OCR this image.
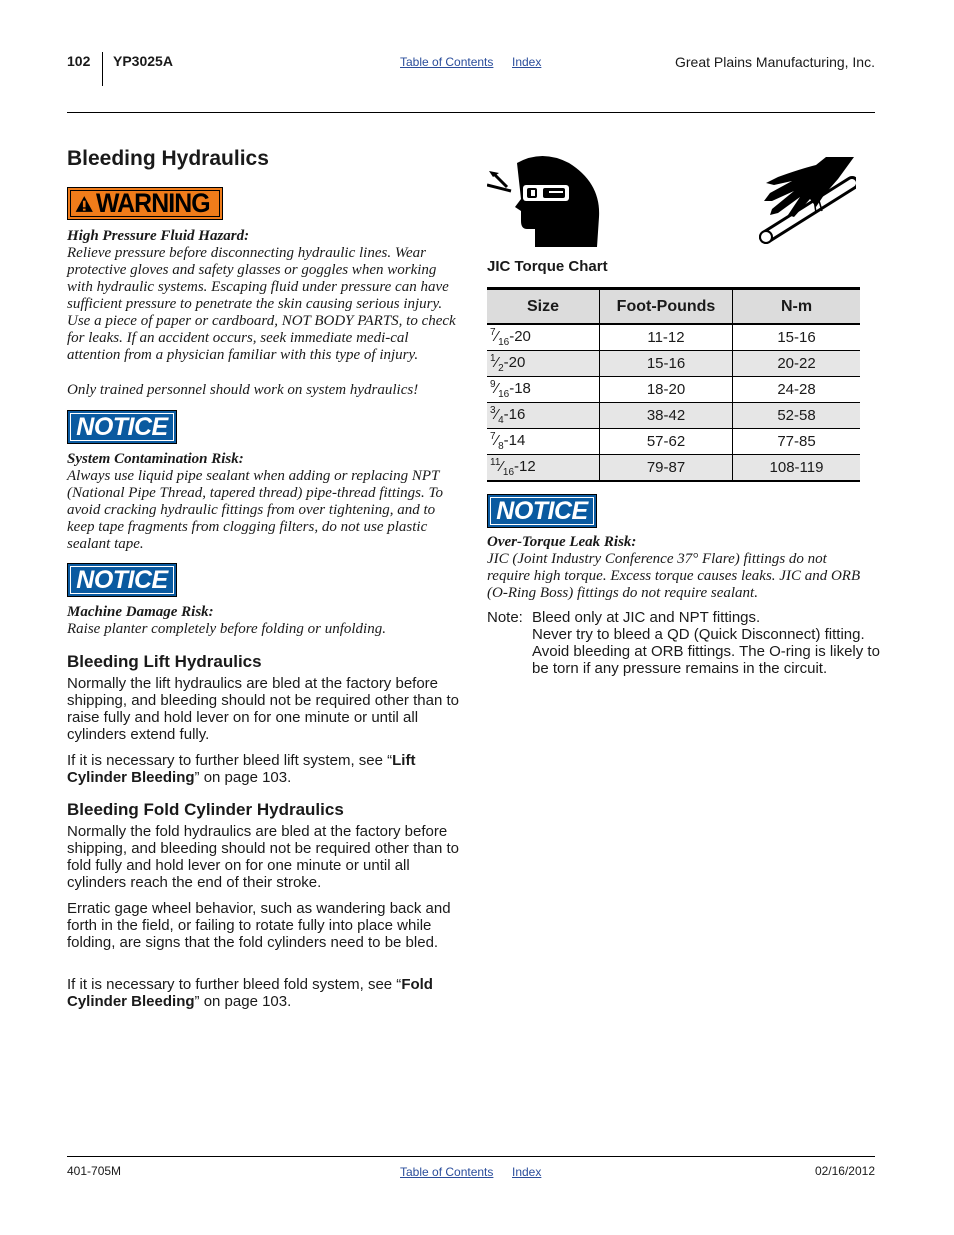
102 YP3025A	Table of Contents Index	Great Plains Manufacturing, Inc.
Bleeding Hydraulics
WARNING
High Pressure Fluid Hazard:
Relieve pressure before disconnecting hydraulic lines. Wear protective gloves and safety glasses or goggles when working with hydraulic systems. Escaping fluid under pressure can have sufficient pressure to penetrate the skin causing serious injury. Use a piece of paper or cardboard, NOT BODY PARTS, to check for leaks. If an accident occurs, seek immediate medi-cal attention from a physician familiar with this type of injury.
Only trained personnel should work on system hydraulics!
NOTICE
System Contamination Risk:
Always use liquid pipe sealant when adding or replacing NPT (National Pipe Thread, tapered thread) pipe-thread fittings. To avoid cracking hydraulic fittings from over tightening, and to keep tape fragments from clogging filters, do not use plastic sealant tape.
NOTICE
Machine Damage Risk:
Raise planter completely before folding or unfolding.
Bleeding Lift Hydraulics
Normally the lift hydraulics are bled at the factory before shipping, and bleeding should not be required other than to raise fully and hold lever on for one minute or until all cylinders extend fully.
If it is necessary to further bleed lift system, see “Lift Cylinder Bleeding” on page 103.
Bleeding Fold Cylinder Hydraulics
Normally the fold hydraulics are bled at the factory before shipping, and bleeding should not be required other than to fold fully and hold lever on for one minute or until all cylinders reach the end of their stroke.
Erratic gage wheel behavior, such as wandering back and forth in the field, or failing to rotate fully into place while folding, are signs that the fold cylinders need to be bled.
If it is necessary to further bleed fold system, see “Fold Cylinder Bleeding” on page 103.
JIC Torque Chart
Size	Foot-Pounds	N-m
$^7⁄_{16}-20$	11-12	15-16
$^1⁄_2-20$	15-16	20-22
$^9⁄_{16}-18$	18-20	24-28
$^3⁄_4-16$	38-42	52-58
$^7⁄_8-14$	57-62	77-85
$^{11}⁄_{16}-12$	79-87	108-119
NOTICE
Over-Torque Leak Risk:
JIC (Joint Industry Conference 37° Flare) fittings do not require high torque. Excess torque causes leaks. JIC and ORB (O-Ring Boss) fittings do not require sealant.
Note: Bleed only at JIC and NPT fittings.
Never try to bleed a QD (Quick Disconnect) fitting.
Avoid bleeding at ORB fittings. The O-ring is likely to be torn if any pressure remains in the circuit.
401-705M	Table of Contents Index	02/16/2012
